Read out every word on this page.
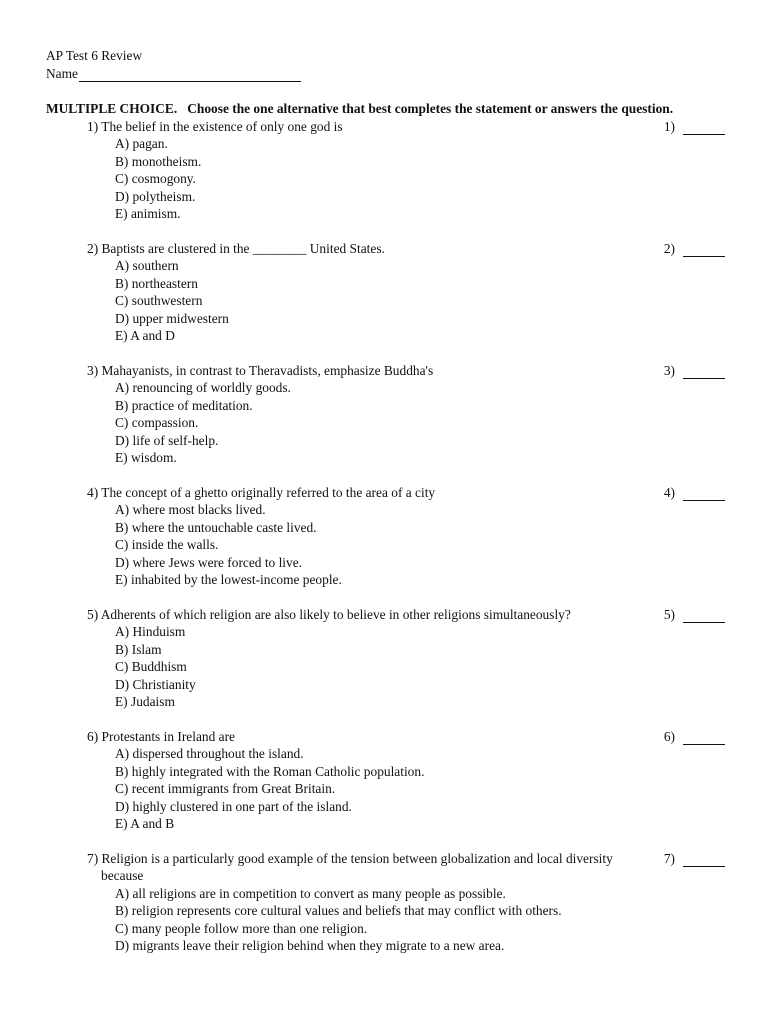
AP Test 6 Review
Name
MULTIPLE CHOICE. Choose the one alternative that best completes the statement or answers the question.
1) The belief in the existence of only one god is	1)
A) pagan.
B) monotheism.
C) cosmogony.
D) polytheism.
E) animism.
2) Baptists are clustered in the ________ United States.	2)
A) southern
B) northeastern
C) southwestern
D) upper midwestern
E) A and D
3) Mahayanists, in contrast to Theravadists, emphasize Buddha's	3)
A) renouncing of worldly goods.
B) practice of meditation.
C) compassion.
D) life of self-help.
E) wisdom.
4) The concept of a ghetto originally referred to the area of a city	4)
A) where most blacks lived.
B) where the untouchable caste lived.
C) inside the walls.
D) where Jews were forced to live.
E) inhabited by the lowest-income people.
5) Adherents of which religion are also likely to believe in other religions simultaneously?	5)
A) Hinduism
B) Islam
C) Buddhism
D) Christianity
E) Judaism
6) Protestants in Ireland are	6)
A) dispersed throughout the island.
B) highly integrated with the Roman Catholic population.
C) recent immigrants from Great Britain.
D) highly clustered in one part of the island.
E) A and B
7) Religion is a particularly good example of the tension between globalization and local diversity
because
7)
A) all religions are in competition to convert as many people as possible.
B) religion represents core cultural values and beliefs that may conflict with others.
C) many people follow more than one religion.
D) migrants leave their religion behind when they migrate to a new area.
